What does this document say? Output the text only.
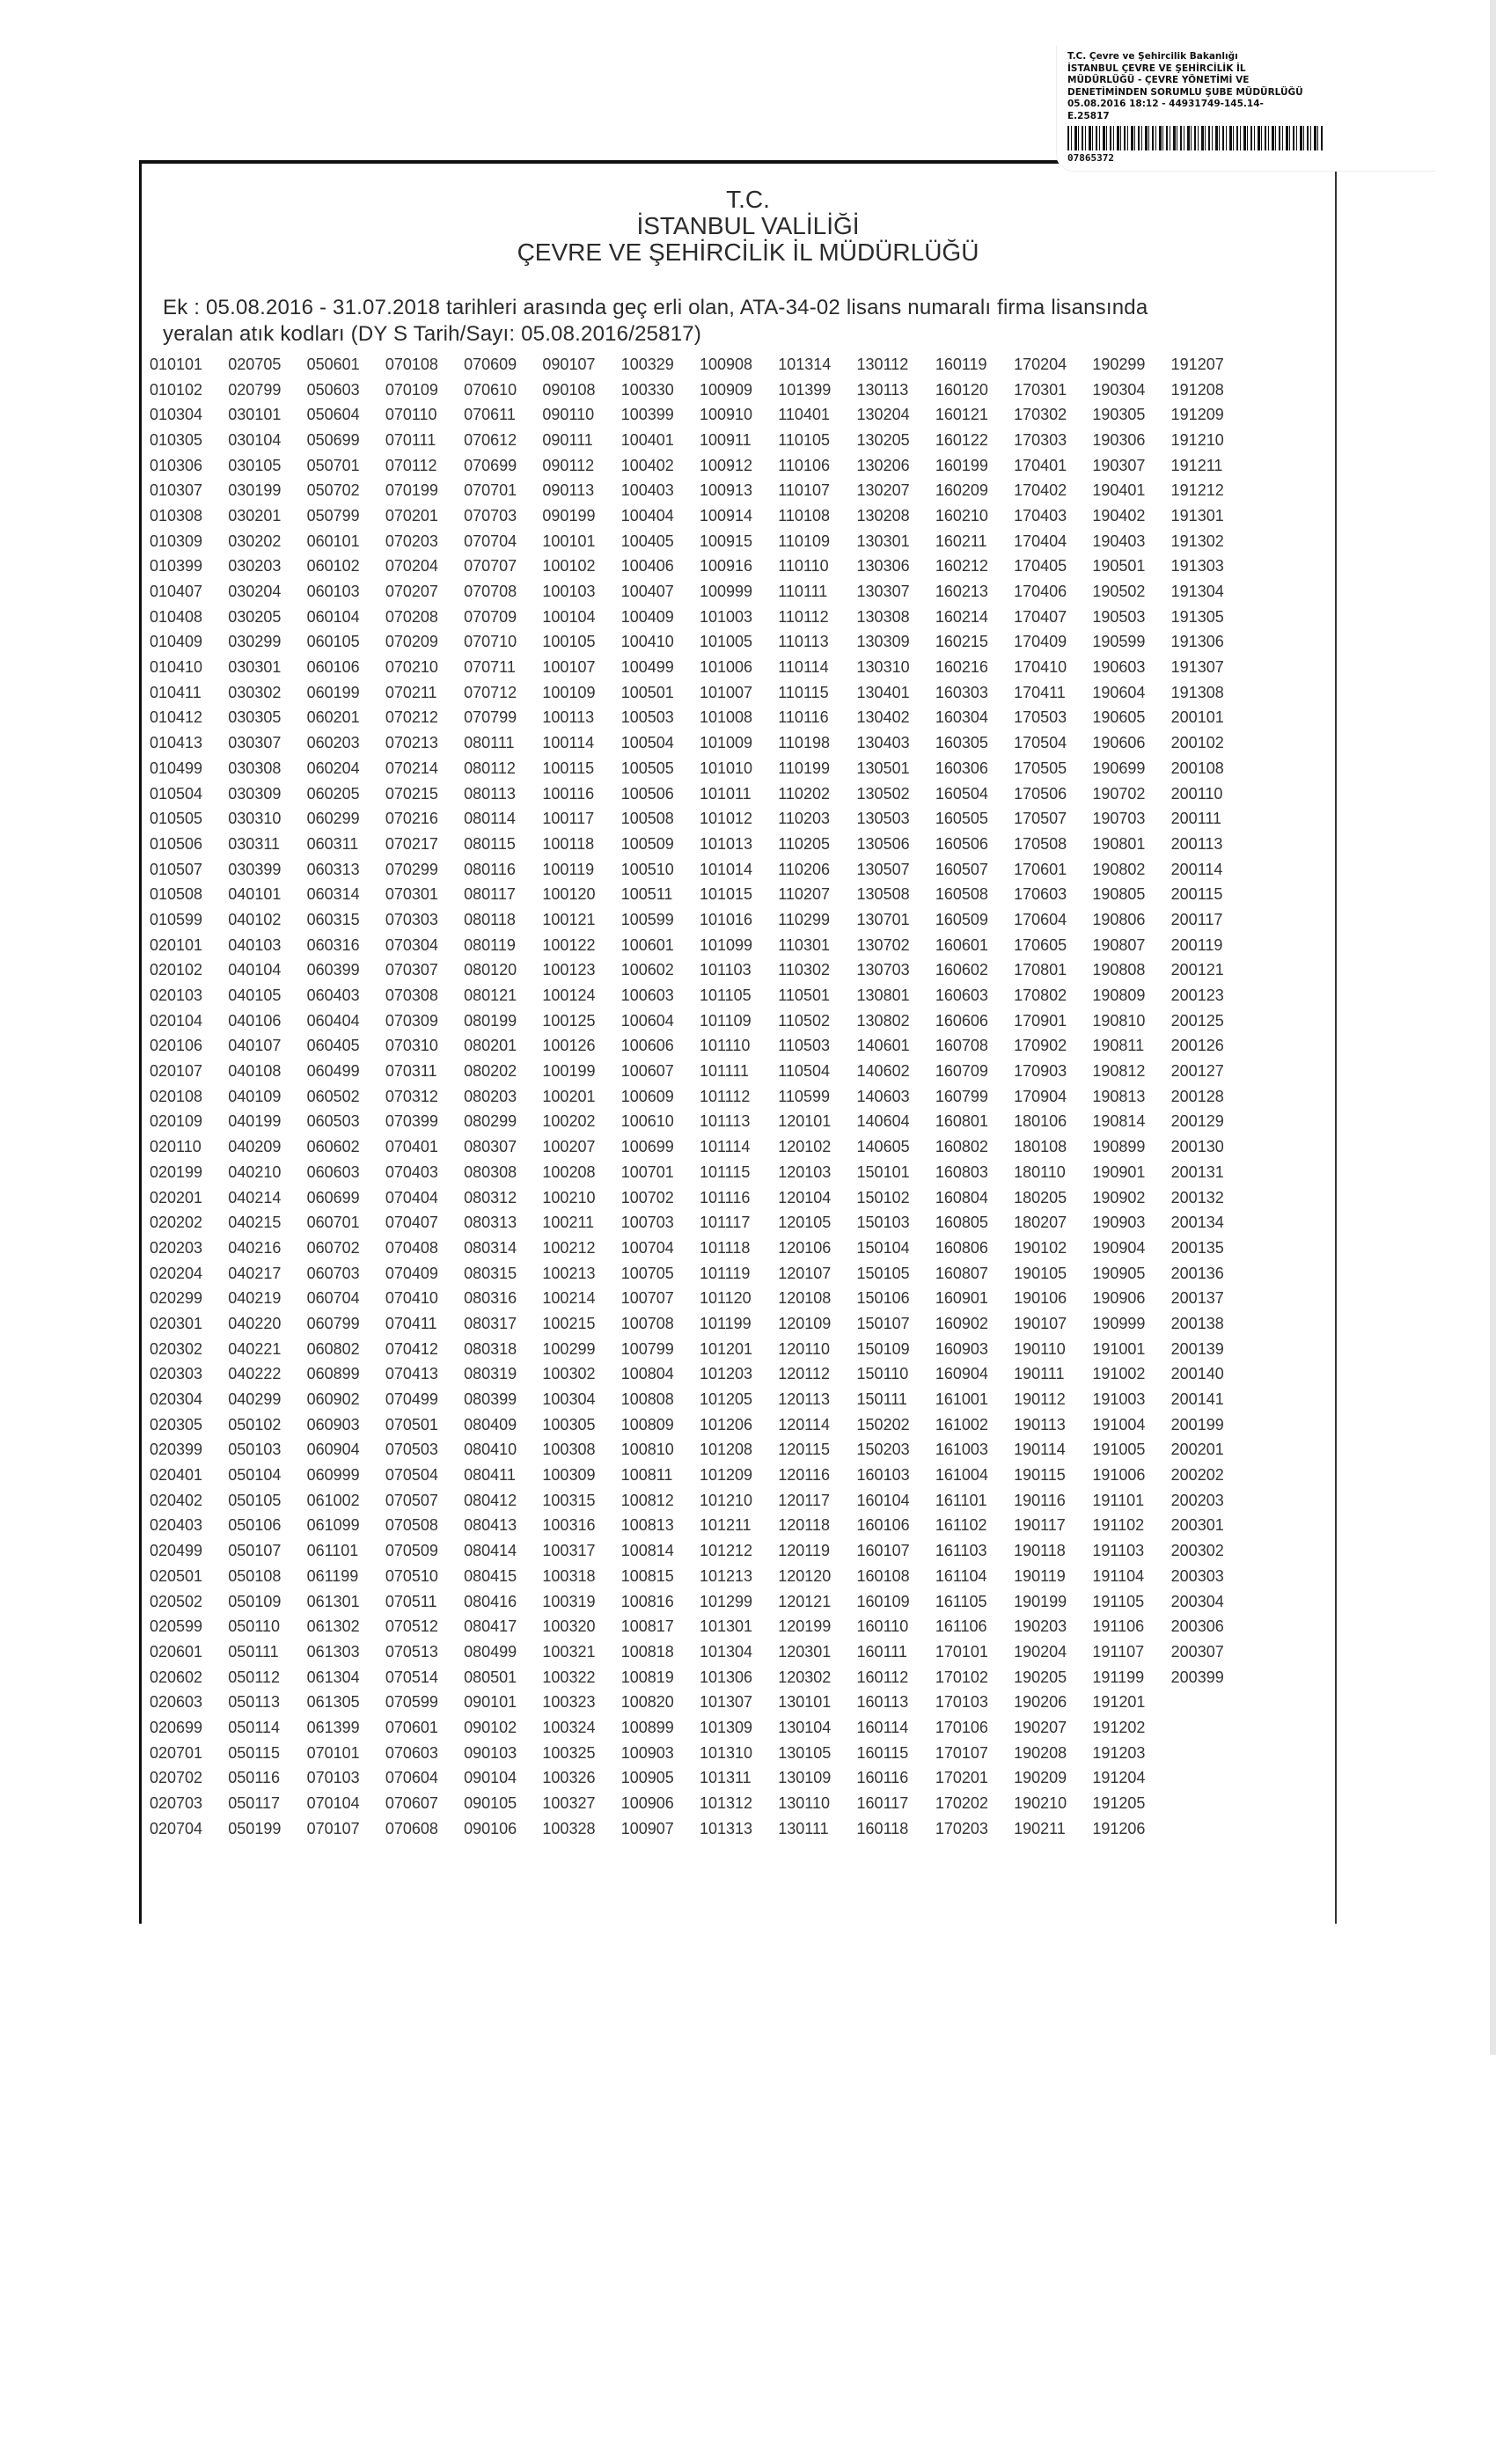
T.C. Çevre ve Şehircilik Bakanlığı
İSTANBUL ÇEVRE VE ŞEHİRCİLİK İL
MÜDÜRLÜĞÜ - ÇEVRE YÖNETİMİ VE
DENETİMİNDEN SORUMLU ŞUBE MÜDÜRLÜĞÜ
05.08.2016 18:12 - 44931749-145.14-
E.25817
07865372
T.C.
İSTANBUL VALİLİĞİ
ÇEVRE VE ŞEHİRCİLİK İL MÜDÜRLÜĞÜ
Ek : 05.08.2016 - 31.07.2018 tarihleri arasında geç erli olan, ATA-34-02 lisans numaralı firma lisansında
yeralan atık kodları (DY S Tarih/Sayı: 05.08.2016/25817)
010101	020705	050601	070108	070609	090107	100329	100908	101314	130112	160119	170204	190299	191207
010102	020799	050603	070109	070610	090108	100330	100909	101399	130113	160120	170301	190304	191208
010304	030101	050604	070110	070611	090110	100399	100910	110401	130204	160121	170302	190305	191209
010305	030104	050699	070111	070612	090111	100401	100911	110105	130205	160122	170303	190306	191210
010306	030105	050701	070112	070699	090112	100402	100912	110106	130206	160199	170401	190307	191211
010307	030199	050702	070199	070701	090113	100403	100913	110107	130207	160209	170402	190401	191212
010308	030201	050799	070201	070703	090199	100404	100914	110108	130208	160210	170403	190402	191301
010309	030202	060101	070203	070704	100101	100405	100915	110109	130301	160211	170404	190403	191302
010399	030203	060102	070204	070707	100102	100406	100916	110110	130306	160212	170405	190501	191303
010407	030204	060103	070207	070708	100103	100407	100999	110111	130307	160213	170406	190502	191304
010408	030205	060104	070208	070709	100104	100409	101003	110112	130308	160214	170407	190503	191305
010409	030299	060105	070209	070710	100105	100410	101005	110113	130309	160215	170409	190599	191306
010410	030301	060106	070210	070711	100107	100499	101006	110114	130310	160216	170410	190603	191307
010411	030302	060199	070211	070712	100109	100501	101007	110115	130401	160303	170411	190604	191308
010412	030305	060201	070212	070799	100113	100503	101008	110116	130402	160304	170503	190605	200101
010413	030307	060203	070213	080111	100114	100504	101009	110198	130403	160305	170504	190606	200102
010499	030308	060204	070214	080112	100115	100505	101010	110199	130501	160306	170505	190699	200108
010504	030309	060205	070215	080113	100116	100506	101011	110202	130502	160504	170506	190702	200110
010505	030310	060299	070216	080114	100117	100508	101012	110203	130503	160505	170507	190703	200111
010506	030311	060311	070217	080115	100118	100509	101013	110205	130506	160506	170508	190801	200113
010507	030399	060313	070299	080116	100119	100510	101014	110206	130507	160507	170601	190802	200114
010508	040101	060314	070301	080117	100120	100511	101015	110207	130508	160508	170603	190805	200115
010599	040102	060315	070303	080118	100121	100599	101016	110299	130701	160509	170604	190806	200117
020101	040103	060316	070304	080119	100122	100601	101099	110301	130702	160601	170605	190807	200119
020102	040104	060399	070307	080120	100123	100602	101103	110302	130703	160602	170801	190808	200121
020103	040105	060403	070308	080121	100124	100603	101105	110501	130801	160603	170802	190809	200123
020104	040106	060404	070309	080199	100125	100604	101109	110502	130802	160606	170901	190810	200125
020106	040107	060405	070310	080201	100126	100606	101110	110503	140601	160708	170902	190811	200126
020107	040108	060499	070311	080202	100199	100607	101111	110504	140602	160709	170903	190812	200127
020108	040109	060502	070312	080203	100201	100609	101112	110599	140603	160799	170904	190813	200128
020109	040199	060503	070399	080299	100202	100610	101113	120101	140604	160801	180106	190814	200129
020110	040209	060602	070401	080307	100207	100699	101114	120102	140605	160802	180108	190899	200130
020199	040210	060603	070403	080308	100208	100701	101115	120103	150101	160803	180110	190901	200131
020201	040214	060699	070404	080312	100210	100702	101116	120104	150102	160804	180205	190902	200132
020202	040215	060701	070407	080313	100211	100703	101117	120105	150103	160805	180207	190903	200134
020203	040216	060702	070408	080314	100212	100704	101118	120106	150104	160806	190102	190904	200135
020204	040217	060703	070409	080315	100213	100705	101119	120107	150105	160807	190105	190905	200136
020299	040219	060704	070410	080316	100214	100707	101120	120108	150106	160901	190106	190906	200137
020301	040220	060799	070411	080317	100215	100708	101199	120109	150107	160902	190107	190999	200138
020302	040221	060802	070412	080318	100299	100799	101201	120110	150109	160903	190110	191001	200139
020303	040222	060899	070413	080319	100302	100804	101203	120112	150110	160904	190111	191002	200140
020304	040299	060902	070499	080399	100304	100808	101205	120113	150111	161001	190112	191003	200141
020305	050102	060903	070501	080409	100305	100809	101206	120114	150202	161002	190113	191004	200199
020399	050103	060904	070503	080410	100308	100810	101208	120115	150203	161003	190114	191005	200201
020401	050104	060999	070504	080411	100309	100811	101209	120116	160103	161004	190115	191006	200202
020402	050105	061002	070507	080412	100315	100812	101210	120117	160104	161101	190116	191101	200203
020403	050106	061099	070508	080413	100316	100813	101211	120118	160106	161102	190117	191102	200301
020499	050107	061101	070509	080414	100317	100814	101212	120119	160107	161103	190118	191103	200302
020501	050108	061199	070510	080415	100318	100815	101213	120120	160108	161104	190119	191104	200303
020502	050109	061301	070511	080416	100319	100816	101299	120121	160109	161105	190199	191105	200304
020599	050110	061302	070512	080417	100320	100817	101301	120199	160110	161106	190203	191106	200306
020601	050111	061303	070513	080499	100321	100818	101304	120301	160111	170101	190204	191107	200307
020602	050112	061304	070514	080501	100322	100819	101306	120302	160112	170102	190205	191199	200399
020603	050113	061305	070599	090101	100323	100820	101307	130101	160113	170103	190206	191201	
020699	050114	061399	070601	090102	100324	100899	101309	130104	160114	170106	190207	191202	
020701	050115	070101	070603	090103	100325	100903	101310	130105	160115	170107	190208	191203	
020702	050116	070103	070604	090104	100326	100905	101311	130109	160116	170201	190209	191204	
020703	050117	070104	070607	090105	100327	100906	101312	130110	160117	170202	190210	191205	
020704	050199	070107	070608	090106	100328	100907	101313	130111	160118	170203	190211	191206	
